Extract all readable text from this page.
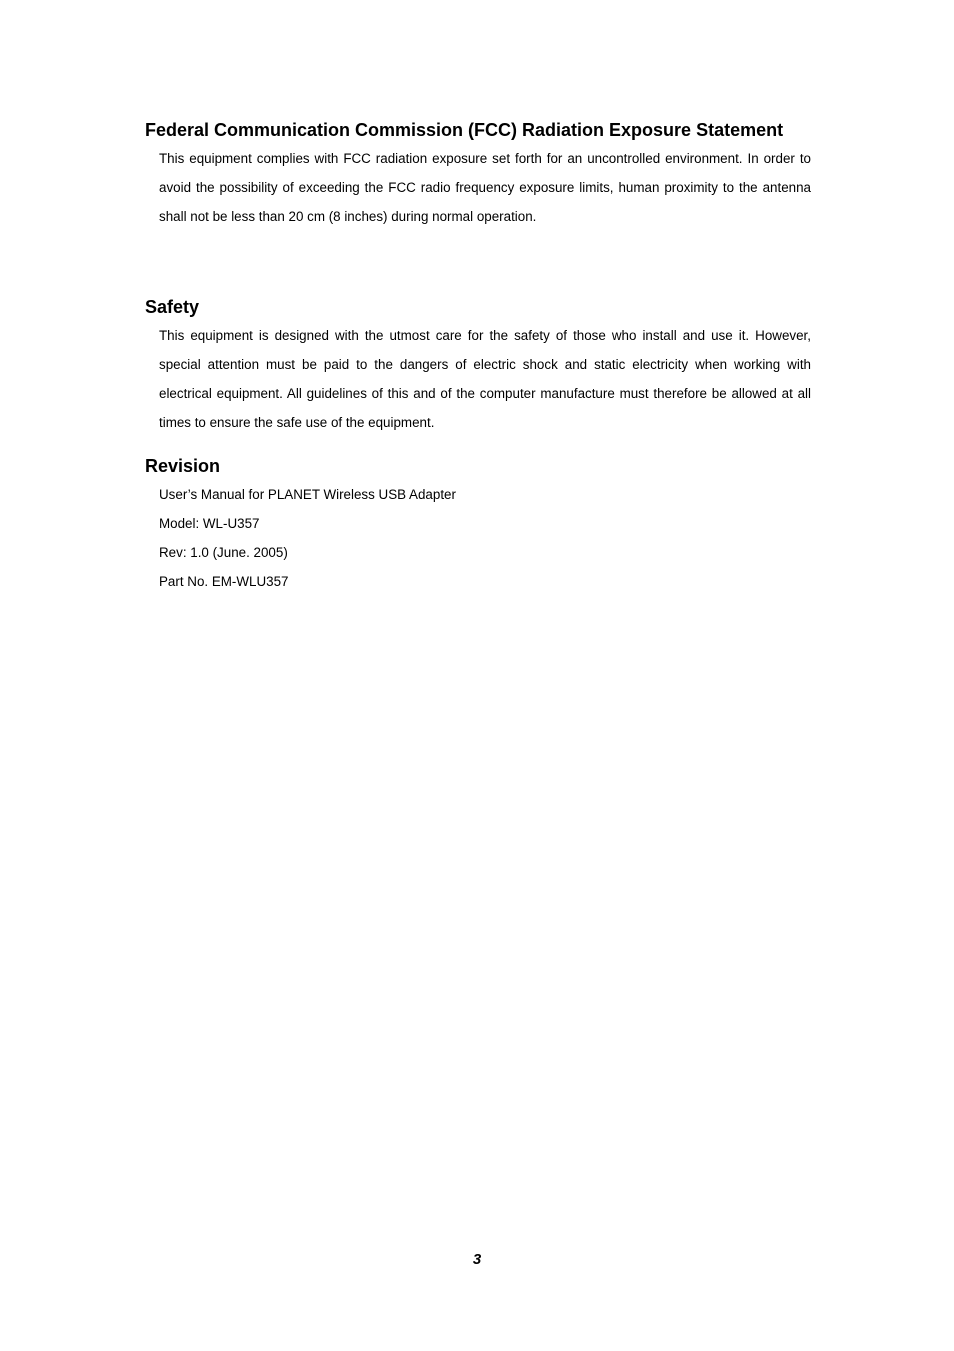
Federal Communication Commission (FCC) Radiation Exposure Statement

This equipment complies with FCC radiation exposure set forth for an uncontrolled environment. In order to avoid the possibility of exceeding the FCC radio frequency exposure limits, human proximity to the antenna shall not be less than 20 cm (8 inches) during normal operation.

Safety

This equipment is designed with the utmost care for the safety of those who install and use it. However, special attention must be paid to the dangers of electric shock and static electricity when working with electrical equipment. All guidelines of this and of the computer manufacture must therefore be allowed at all times to ensure the safe use of the equipment.

Revision
User’s Manual for PLANET Wireless USB Adapter
Model: WL-U357
Rev: 1.0 (June. 2005)
Part No. EM-WLU357
3
